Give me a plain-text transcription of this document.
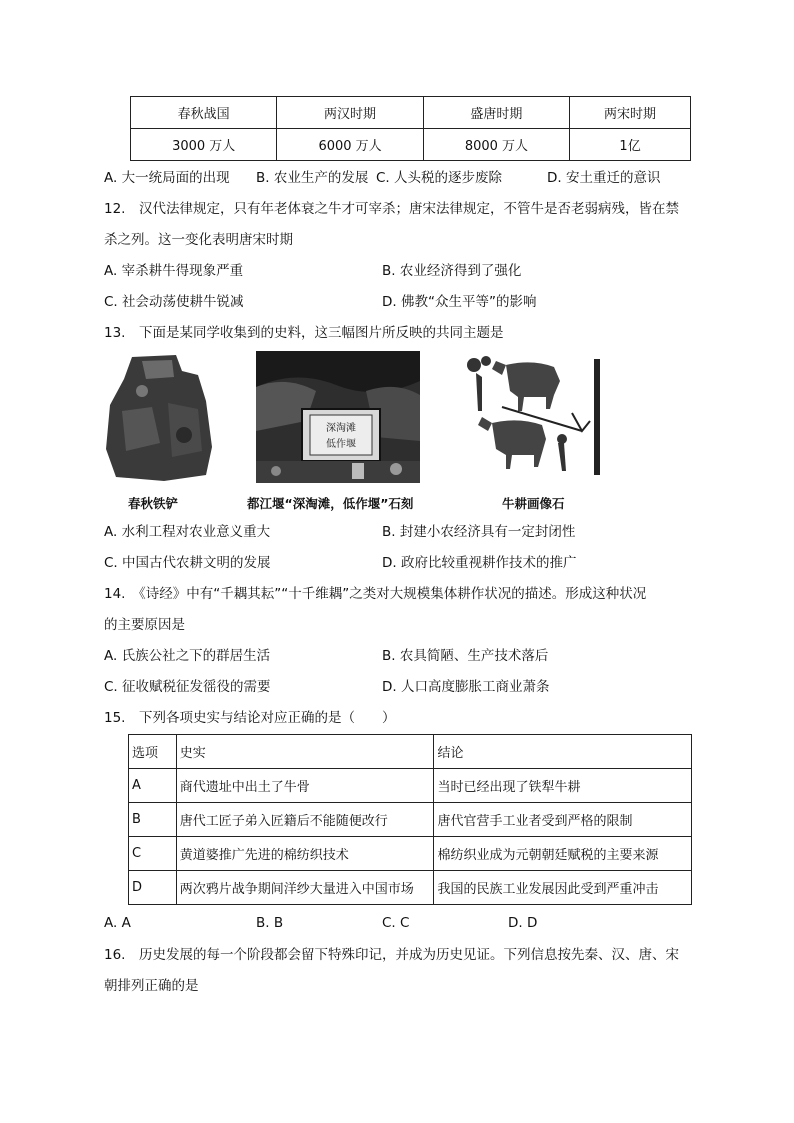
春秋战国	两汉时期	盛唐时期	两宋时期
3000 万人	6000 万人	8000 万人	1亿
A. 大一统局面的出现 B. 农业生产的发展 C. 人头税的逐步废除	D. 安土重迁的意识
12.　汉代法律规定，只有年老体衰之牛才可宰杀；唐宋法律规定，不管牛是否老弱病残，皆在禁
杀之列。这一变化表明唐宋时期
A. 宰杀耕牛得现象严重	B. 农业经济得到了强化
C. 社会动荡使耕牛锐减	D. 佛教“众生平等”的影响
13.　下面是某同学收集到的史料，这三幅图片所反映的共同主题是
春秋铁铲
深淘滩
低作堰
都江堰“深淘滩，低作堰”石刻	牛耕画像石
A. 水利工程对农业意义重大	B. 封建小农经济具有一定封闭性
C. 中国古代农耕文明的发展	D. 政府比较重视耕作技术的推广
14.　《诗经》中有“千耦其耘”“十千维耦”之类对大规模集体耕作状况的描述。形成这种状况
的主要原因是
A. 氏族公社之下的群居生活	B. 农具简陋、生产技术落后
C. 征收赋税征发徭役的需要	D. 人口高度膨胀工商业萧条
15.　下列各项史实与结论对应正确的是（　　）
选项	史实	结论
A	商代遗址中出土了牛骨	当时已经出现了铁犁牛耕
B	唐代工匠子弟入匠籍后不能随便改行	唐代官营手工业者受到严格的限制
C	黄道婆推广先进的棉纺织技术	棉纺织业成为元朝朝廷赋税的主要来源
D	两次鸦片战争期间洋纱大量进入中国市场	我国的民族工业发展因此受到严重冲击
A. A	B. B	C. C	D. D
16.　历史发展的每一个阶段都会留下特殊印记，并成为历史见证。下列信息按先秦、汉、唐、宋
朝排列正确的是
